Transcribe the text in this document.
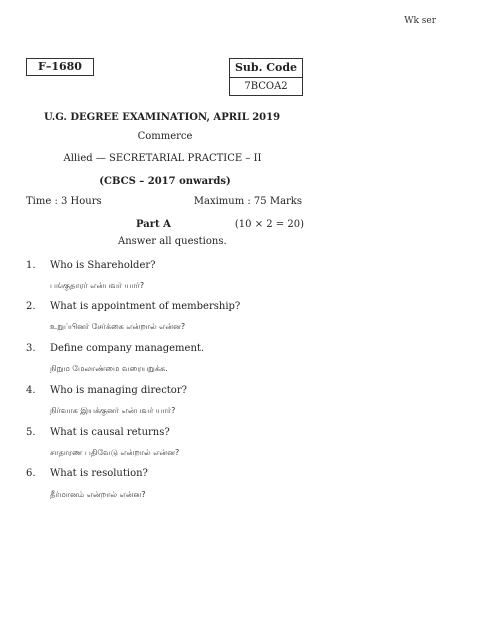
Wk ser
F–1680	Sub. Code
7BCOA2
U.G. DEGREE EXAMINATION, APRIL 2019
Commerce
Allied — SECRETARIAL PRACTICE – II
(CBCS – 2017 onwards)
Time : 3 Hours	Maximum : 75 Marks
Part A	(10 × 2 = 20)
Answer all questions.
1.	Who is Shareholder?
பங்குதாரர் என்பவர் யார்?
2.	What is appointment of membership?
உறுப்பினர் சேர்க்கை என்றால் என்ன?
3.	Define company management.
நிறும மேலாண்மை வரையறுக்க.
4.	Who is managing director?
நிர்வாக இயக்குனர் என்பவர் யார்?
5.	What is causal returns?
சாதாரண பதிவேடு என்றால் என்ன?
6.	What is resolution?
தீர்மானம் என்றால் என்ன?
